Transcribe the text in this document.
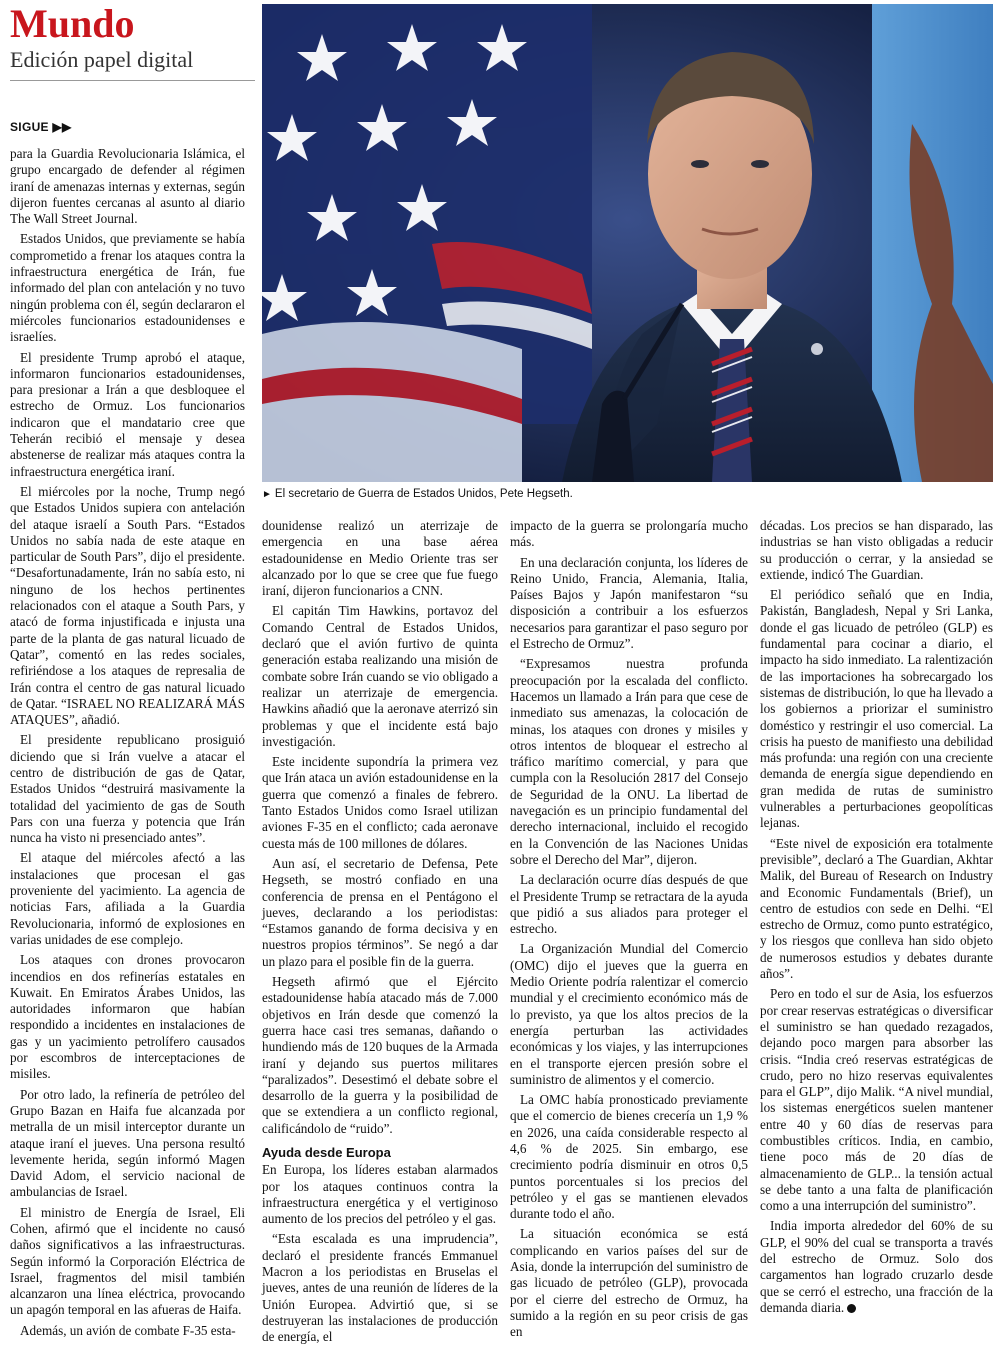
Mundo
Edición papel digital
SIGUE ▶▶

para la Guardia Revolucionaria Islámica, el grupo encargado de defender al régimen iraní de amenazas internas y externas, según dijeron fuentes cercanas al asunto al diario The Wall Street Journal.

Estados Unidos, que previamente se había comprometido a frenar los ataques contra la infraestructura energética de Irán, fue informado del plan con antelación y no tuvo ningún problema con él, según declararon el miércoles funcionarios estadounidenses e israelíes.

El presidente Trump aprobó el ataque, informaron funcionarios estadounidenses, para presionar a Irán a que desbloquee el estrecho de Ormuz. Los funcionarios indicaron que el mandatario cree que Teherán recibió el mensaje y desea abstenerse de realizar más ataques contra la infraestructura energética iraní.

El miércoles por la noche, Trump negó que Estados Unidos supiera con antelación del ataque israelí a South Pars. “Estados Unidos no sabía nada de este ataque en particular de South Pars”, dijo el presidente. “Desafortunadamente, Irán no sabía esto, ni ninguno de los hechos pertinentes relacionados con el ataque a South Pars, y atacó de forma injustificada e injusta una parte de la planta de gas natural licuado de Qatar”, comentó en las redes sociales, refiriéndose a los ataques de represalia de Irán contra el centro de gas natural licuado de Qatar. “ISRAEL NO REALIZARÁ MÁS ATAQUES”, añadió.

El presidente republicano prosiguió diciendo que si Irán vuelve a atacar el centro de distribución de gas de Qatar, Estados Unidos “destruirá masivamente la totalidad del yacimiento de gas de South Pars con una fuerza y potencia que Irán nunca ha visto ni presenciado antes”.

El ataque del miércoles afectó a las instalaciones que procesan el gas proveniente del yacimiento. La agencia de noticias Fars, afiliada a la Guardia Revolucionaria, informó de explosiones en varias unidades de ese complejo.

Los ataques con drones provocaron incendios en dos refinerías estatales en Kuwait. En Emiratos Árabes Unidos, las autoridades informaron que habían respondido a incidentes en instalaciones de gas y un yacimiento petrolífero causados por escombros de interceptaciones de misiles.

Por otro lado, la refinería de petróleo del Grupo Bazan en Haifa fue alcanzada por metralla de un misil interceptor durante un ataque iraní el jueves. Una persona resultó levemente herida, según informó Magen David Adom, el servicio nacional de ambulancias de Israel.

El ministro de Energía de Israel, Eli Cohen, afirmó que el incidente no causó daños significativos a las infraestructuras. Según informó la Corporación Eléctrica de Israel, fragmentos del misil también alcanzaron una línea eléctrica, provocando un apagón temporal en las afueras de Haifa.

Además, un avión de combate F-35 esta-

► El secretario de Guerra de Estados Unidos, Pete Hegseth.

dounidense realizó un aterrizaje de emergencia en una base aérea estadounidense en Medio Oriente tras ser alcanzado por lo que se cree que fue fuego iraní, dijeron funcionarios a CNN.

El capitán Tim Hawkins, portavoz del Comando Central de Estados Unidos, declaró que el avión furtivo de quinta generación estaba realizando una misión de combate sobre Irán cuando se vio obligado a realizar un aterrizaje de emergencia. Hawkins añadió que la aeronave aterrizó sin problemas y que el incidente está bajo investigación.

Este incidente supondría la primera vez que Irán ataca un avión estadounidense en la guerra que comenzó a finales de febrero. Tanto Estados Unidos como Israel utilizan aviones F-35 en el conflicto; cada aeronave cuesta más de 100 millones de dólares.

Aun así, el secretario de Defensa, Pete Hegseth, se mostró confiado en una conferencia de prensa en el Pentágono el jueves, declarando a los periodistas: “Estamos ganando de forma decisiva y en nuestros propios términos”. Se negó a dar un plazo para el posible fin de la guerra.

Hegseth afirmó que el Ejército estadounidense había atacado más de 7.000 objetivos en Irán desde que comenzó la guerra hace casi tres semanas, dañando o hundiendo más de 120 buques de la Armada iraní y dejando sus puertos militares “paralizados”. Desestimó el debate sobre el desarrollo de la guerra y la posibilidad de que se extendiera a un conflicto regional, calificándolo de “ruido”.

Ayuda desde Europa

En Europa, los líderes estaban alarmados por los ataques continuos contra la infraestructura energética y el vertiginoso aumento de los precios del petróleo y el gas.

“Esta escalada es una imprudencia”, declaró el presidente francés Emmanuel Macron a los periodistas en Bruselas el jueves, antes de una reunión de líderes de la Unión Europea. Advirtió que, si se destruyeran las instalaciones de producción de energía, el

impacto de la guerra se prolongaría mucho más.

En una declaración conjunta, los líderes de Reino Unido, Francia, Alemania, Italia, Países Bajos y Japón manifestaron “su disposición a contribuir a los esfuerzos necesarios para garantizar el paso seguro por el Estrecho de Ormuz”.

“Expresamos nuestra profunda preocupación por la escalada del conflicto. Hacemos un llamado a Irán para que cese de inmediato sus amenazas, la colocación de minas, los ataques con drones y misiles y otros intentos de bloquear el estrecho al tráfico marítimo comercial, y para que cumpla con la Resolución 2817 del Consejo de Seguridad de la ONU. La libertad de navegación es un principio fundamental del derecho internacional, incluido el recogido en la Convención de las Naciones Unidas sobre el Derecho del Mar”, dijeron.

La declaración ocurre días después de que el Presidente Trump se retractara de la ayuda que pidió a sus aliados para proteger el estrecho.

La Organización Mundial del Comercio (OMC) dijo el jueves que la guerra en Medio Oriente podría ralentizar el comercio mundial y el crecimiento económico más de lo previsto, ya que los altos precios de la energía perturban las actividades económicas y los viajes, y las interrupciones en el transporte ejercen presión sobre el suministro de alimentos y el comercio.

La OMC había pronosticado previamente que el comercio de bienes crecería un 1,9 % en 2026, una caída considerable respecto al 4,6 % de 2025. Sin embargo, ese crecimiento podría disminuir en otros 0,5 puntos porcentuales si los precios del petróleo y el gas se mantienen elevados durante todo el año.

La situación económica se está complicando en varios países del sur de Asia, donde la interrupción del suministro de gas licuado de petróleo (GLP), provocada por el cierre del estrecho de Ormuz, ha sumido a la región en su peor crisis de gas en

décadas. Los precios se han disparado, las industrias se han visto obligadas a reducir su producción o cerrar, y la ansiedad se extiende, indicó The Guardian.

El periódico señaló que en India, Pakistán, Bangladesh, Nepal y Sri Lanka, donde el gas licuado de petróleo (GLP) es fundamental para cocinar a diario, el impacto ha sido inmediato. La ralentización de las importaciones ha sobrecargado los sistemas de distribución, lo que ha llevado a los gobiernos a priorizar el suministro doméstico y restringir el uso comercial. La crisis ha puesto de manifiesto una debilidad más profunda: una región con una creciente demanda de energía sigue dependiendo en gran medida de rutas de suministro vulnerables a perturbaciones geopolíticas lejanas.

“Este nivel de exposición era totalmente previsible”, declaró a The Guardian, Akhtar Malik, del Bureau of Research on Industry and Economic Fundamentals (Brief), un centro de estudios con sede en Delhi. “El estrecho de Ormuz, como punto estratégico, y los riesgos que conlleva han sido objeto de numerosos estudios y debates durante años”.

Pero en todo el sur de Asia, los esfuerzos por crear reservas estratégicas o diversificar el suministro se han quedado rezagados, dejando poco margen para absorber las crisis. “India creó reservas estratégicas de crudo, pero no hizo reservas equivalentes para el GLP”, dijo Malik. “A nivel mundial, los sistemas energéticos suelen mantener entre 40 y 60 días de reservas para combustibles críticos. India, en cambio, tiene poco más de 20 días de almacenamiento de GLP... la tensión actual se debe tanto a una falta de planificación como a una interrupción del suministro”.

India importa alrededor del 60% de su GLP, el 90% del cual se transporta a través del estrecho de Ormuz. Solo dos cargamentos han logrado cruzarlo desde que se cerró el estrecho, una fracción de la demanda diaria.
